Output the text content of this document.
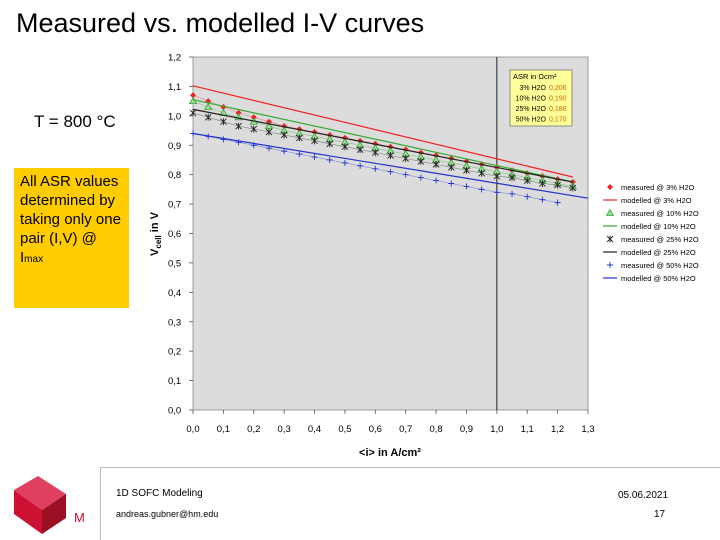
Measured vs. modelled I-V curves
T = 800 °C
All ASR values determined by taking only one pair (I,V) @ Imax
0,0
0,1
0,2
0,3
0,4
0,5
0,6
0,7
0,8
0,9
1,0
1,1
1,2
0,0 0,1 0,2 0,3 0,4 0,5 0,6 0,7 0,8 0,9 1,0 1,1 1,2 1,3
<i> in A/cm²
$V_{cell}$ in V
ASR in Ωcm²
3% H2O 0,206
10% H2O 0,190
25% H2O 0,186
50% H2O 0,170
measured @ 3% H2O
modelled @ 3% H2O
measured @ 10% H2O
modelled @ 10% H2O
measured @ 25% H2O
modelled @ 25% H2O
measured @ 50% H2O
modelled @ 50% H2O
M
1D SOFC Modeling
andreas.gubner@hm.edu
05.06.2021
17
